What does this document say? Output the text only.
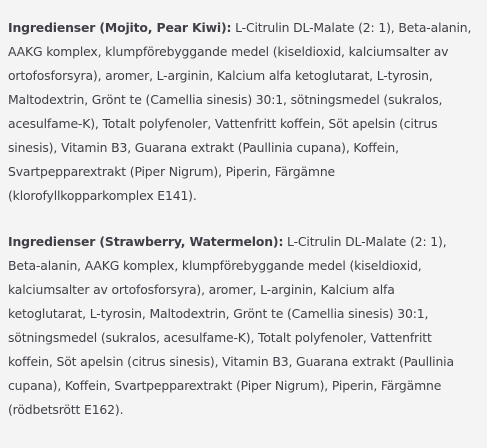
Ingredienser (Mojito, Pear Kiwi): L-Citrulin DL-Malate (2: 1), Beta-alanin, AAKG komplex, klumpförebyggande medel (kiseldioxid, kalciumsalter av ortofosforsyra), aromer, L-arginin, Kalcium alfa ketoglutarat, L-tyrosin, Maltodextrin, Grönt te (Camellia sinesis) 30:1, sötningsmedel (sukralos, acesulfame-K), Totalt polyfenoler, Vattenfritt koffein, Söt apelsin (citrus sinesis), Vitamin B3, Guarana extrakt (Paullinia cupana), Koffein, Svartpepparextrakt (Piper Nigrum), Piperin, Färgämne (klorofyllkopparkomplex E141).

Ingredienser (Strawberry, Watermelon): L-Citrulin DL-Malate (2: 1), Beta-alanin, AAKG komplex, klumpförebyggande medel (kiseldioxid, kalciumsalter av ortofosforsyra), aromer, L-arginin, Kalcium alfa ketoglutarat, L-tyrosin, Maltodextrin, Grönt te (Camellia sinesis) 30:1, sötningsmedel (sukralos, acesulfame-K), Totalt polyfenoler, Vattenfritt koffein, Söt apelsin (citrus sinesis), Vitamin B3, Guarana extrakt (Paullinia cupana), Koffein, Svartpepparextrakt (Piper Nigrum), Piperin, Färgämne (rödbetsrött E162).
